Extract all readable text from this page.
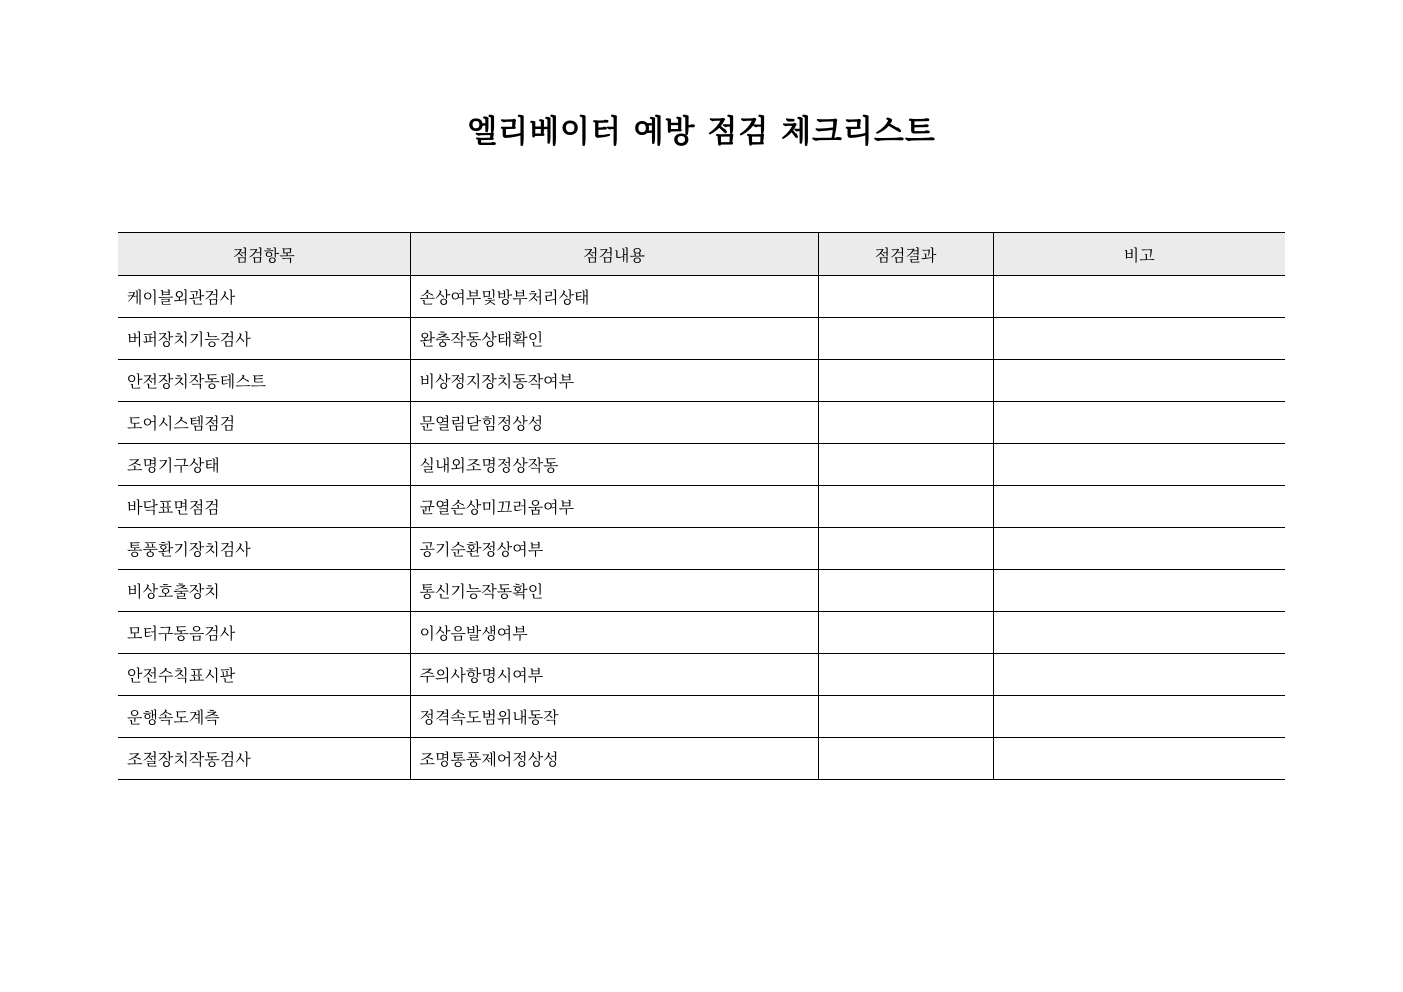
엘리베이터 예방 점검 체크리스트
점검항목	점검내용	점검결과	비고
케이블외관검사	손상여부및방부처리상태		
버퍼장치기능검사	완충작동상태확인		
안전장치작동테스트	비상정지장치동작여부		
도어시스템점검	문열림닫힘정상성		
조명기구상태	실내외조명정상작동		
바닥표면점검	균열손상미끄러움여부		
통풍환기장치검사	공기순환정상여부		
비상호출장치	통신기능작동확인		
모터구동음검사	이상음발생여부		
안전수칙표시판	주의사항명시여부		
운행속도계측	정격속도범위내동작		
조절장치작동검사	조명통풍제어정상성		
